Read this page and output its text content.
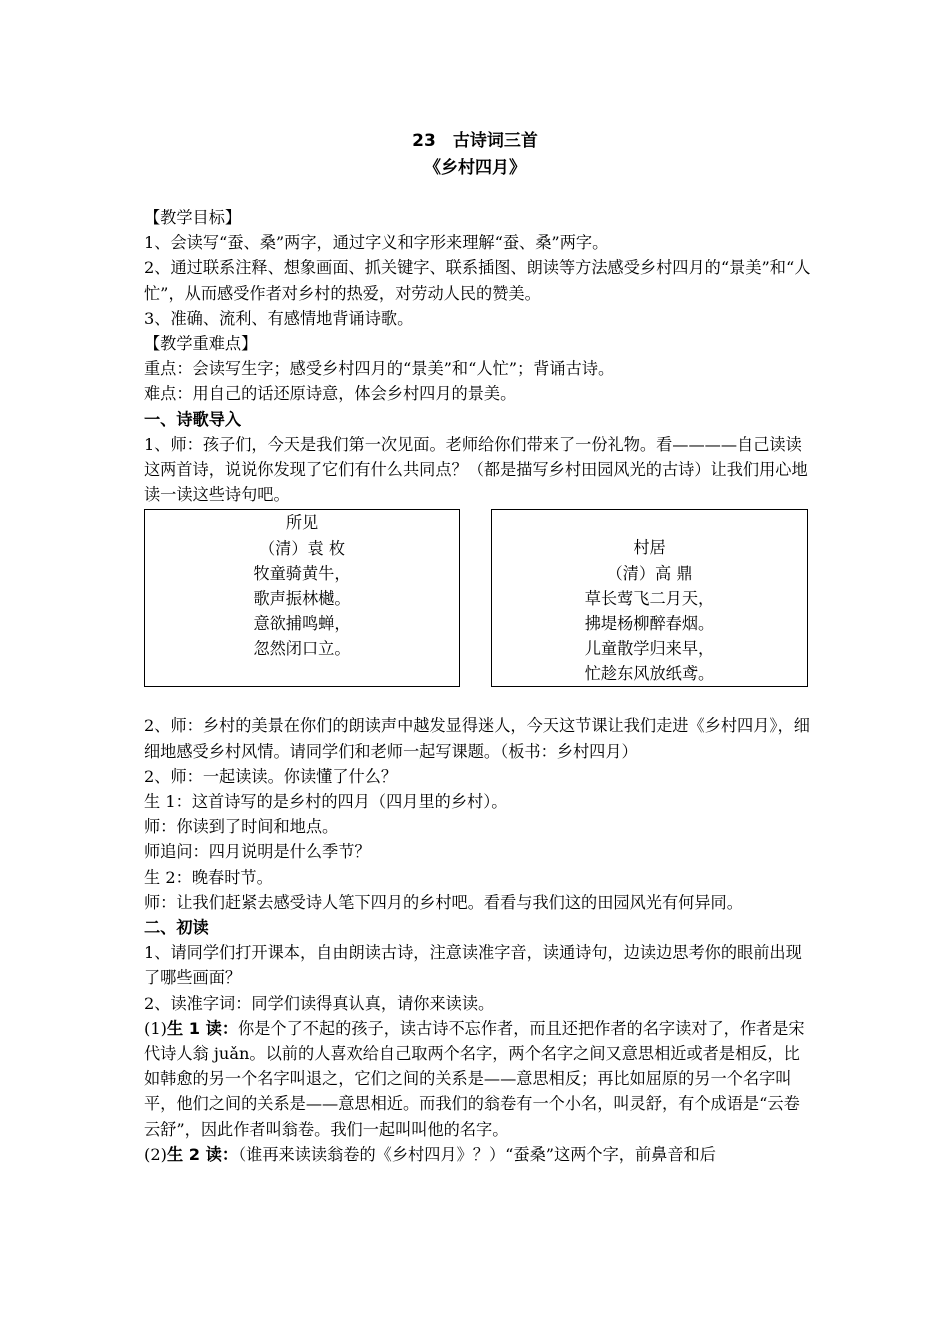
23　古诗词三首
《乡村四月》

【教学目标】

1、会读写“蚕、桑”两字，通过字义和字形来理解“蚕、桑”两字。

2、通过联系注释、想象画面、抓关键字、联系插图、朗读等方法感受乡村四月的“景美”和“人忙”，从而感受作者对乡村的热爱，对劳动人民的赞美。

3、准确、流利、有感情地背诵诗歌。

【教学重难点】

重点：会读写生字；感受乡村四月的“景美”和“人忙”；背诵古诗。

难点：用自己的话还原诗意，体会乡村四月的景美。

一、诗歌导入

1、师：孩子们，今天是我们第一次见面。老师给你们带来了一份礼物。看————自己读读这两首诗，说说你发现了它们有什么共同点？（都是描写乡村田园风光的古诗）让我们用心地读一读这些诗句吧。

所见
（清）袁 枚
牧童骑黄牛，
歌声振林樾。
意欲捕鸣蝉，
忽然闭口立。
村居
（清）高 鼎
草长莺飞二月天，
拂堤杨柳醉春烟。
儿童散学归来早，
忙趁东风放纸鸢。

2、师：乡村的美景在你们的朗读声中越发显得迷人，今天这节课让我们走进《乡村四月》，细细地感受乡村风情。请同学们和老师一起写课题。（板书：乡村四月）

2、师：一起读读。你读懂了什么？

生 1：这首诗写的是乡村的四月（四月里的乡村）。

师：你读到了时间和地点。

师追问：四月说明是什么季节？

生 2：晚春时节。

师：让我们赶紧去感受诗人笔下四月的乡村吧。看看与我们这的田园风光有何异同。

二、初读

1、请同学们打开课本，自由朗读古诗，注意读准字音，读通诗句，边读边思考你的眼前出现了哪些画面？

2、读准字词：同学们读得真认真，请你来读读。

(1)生 1 读：你是个了不起的孩子，读古诗不忘作者，而且还把作者的名字读对了，作者是宋代诗人翁 juǎn。以前的人喜欢给自己取两个名字，两个名字之间又意思相近或者是相反，比如韩愈的另一个名字叫退之，它们之间的关系是——意思相反；再比如屈原的另一个名字叫平，他们之间的关系是——意思相近。而我们的翁卷有一个小名，叫灵舒，有个成语是“云卷云舒”，因此作者叫翁卷。我们一起叫叫他的名字。

(2)生 2 读：（谁再来读读翁卷的《乡村四月》？）“蚕桑”这两个字，前鼻音和后
